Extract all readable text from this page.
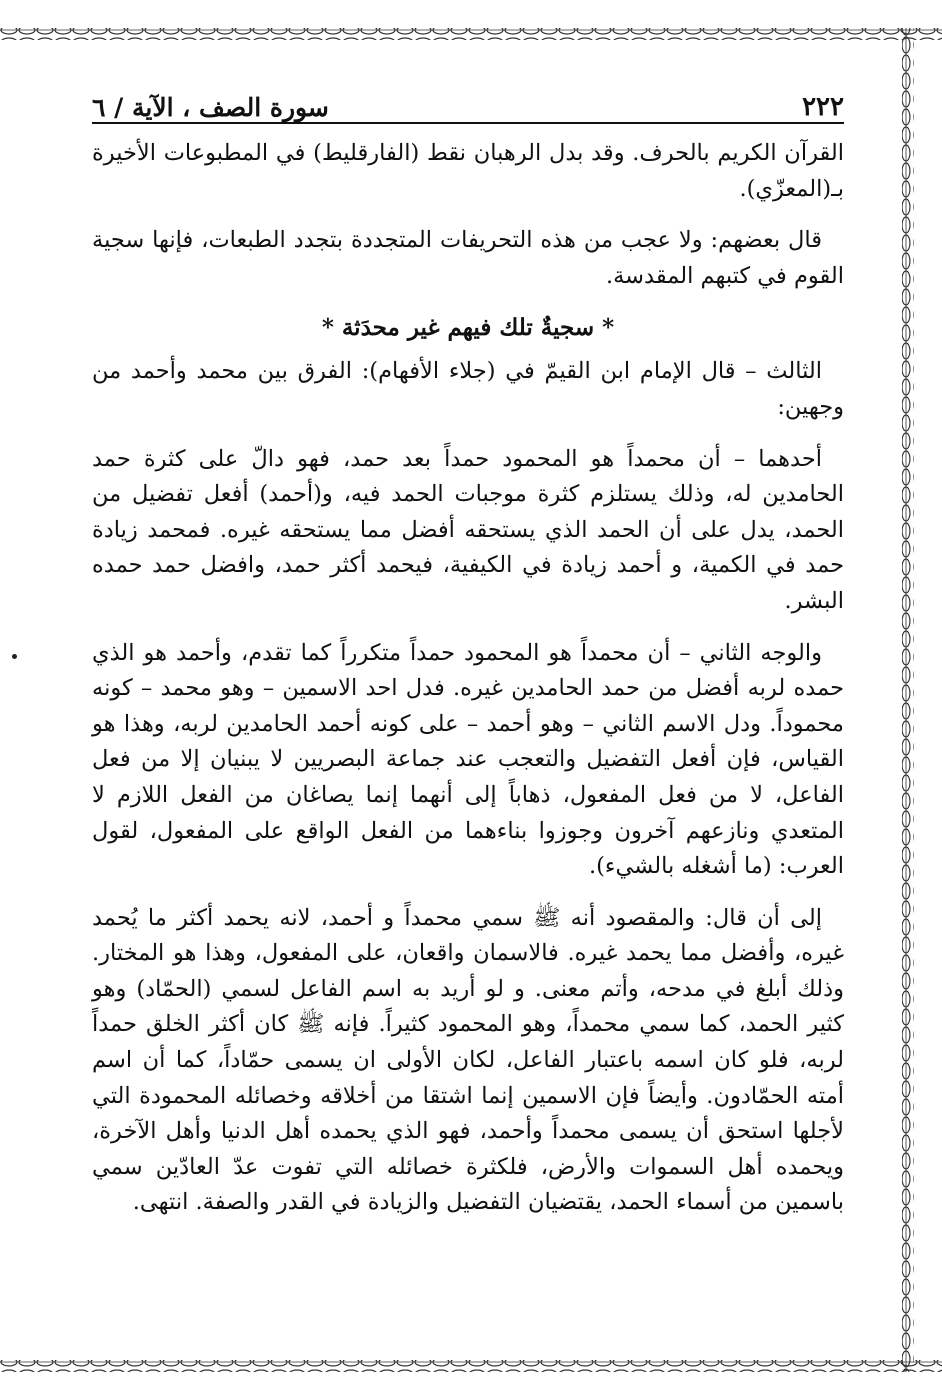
٢٢٢
سورة الصف ، الآية / ٦

القرآن الكريم بالحرف. وقد بدل الرهبان نقط (الفارقليط) في المطبوعات الأخيرة بـ(المعزّي).

قال بعضهم: ولا عجب من هذه التحريفات المتجددة بتجدد الطبعات، فإنها سجية القوم في كتبهم المقدسة.

* سجيةٌ تلك فيهم غير محدَثة *

الثالث – قال الإمام ابن القيمّ في (جلاء الأفهام): الفرق بين محمد وأحمد من وجهين:

أحدهما – أن محمداً هو المحمود حمداً بعد حمد، فهو دالّ على كثرة حمد الحامدين له، وذلك يستلزم كثرة موجبات الحمد فيه، و(أحمد) أفعل تفضيل من الحمد، يدل على أن الحمد الذي يستحقه أفضل مما يستحقه غيره. فمحمد زيادة حمد في الكمية، و أحمد زيادة في الكيفية، فيحمد أكثر حمد، وافضل حمد حمده البشر.

والوجه الثاني – أن محمداً هو المحمود حمداً متكرراً كما تقدم، وأحمد هو الذي حمده لربه أفضل من حمد الحامدين غيره. فدل احد الاسمين – وهو محمد – كونه محموداً. ودل الاسم الثاني – وهو أحمد – على كونه أحمد الحامدين لربه، وهذا هو القياس، فإن أفعل التفضيل والتعجب عند جماعة البصريين لا يبنيان إلا من فعل الفاعل، لا من فعل المفعول، ذهاباً إلى أنهما إنما يصاغان من الفعل اللازم لا المتعدي ونازعهم آخرون وجوزوا بناءهما من الفعل الواقع على المفعول، لقول العرب: (ما أشغله بالشيء).

إلى أن قال: والمقصود أنه ﷺ سمي محمداً و أحمد، لانه يحمد أكثر ما يُحمد غيره، وأفضل مما يحمد غيره. فالاسمان واقعان، على المفعول، وهذا هو المختار. وذلك أبلغ في مدحه، وأتم معنى. و لو أريد به اسم الفاعل لسمي (الحمّاد) وهو كثير الحمد، كما سمي محمداً، وهو المحمود كثيراً. فإنه ﷺ كان أكثر الخلق حمداً لربه، فلو كان اسمه باعتبار الفاعل، لكان الأولى ان يسمى حمّاداً، كما أن اسم أمته الحمّادون. وأيضاً فإن الاسمين إنما اشتقا من أخلاقه وخصائله المحمودة التي لأجلها استحق أن يسمى محمداً وأحمد، فهو الذي يحمده أهل الدنيا وأهل الآخرة، ويحمده أهل السموات والأرض، فلكثرة خصائله التي تفوت عدّ العادّين سمي باسمين من أسماء الحمد، يقتضيان التفضيل والزيادة في القدر والصفة. انتهى.
